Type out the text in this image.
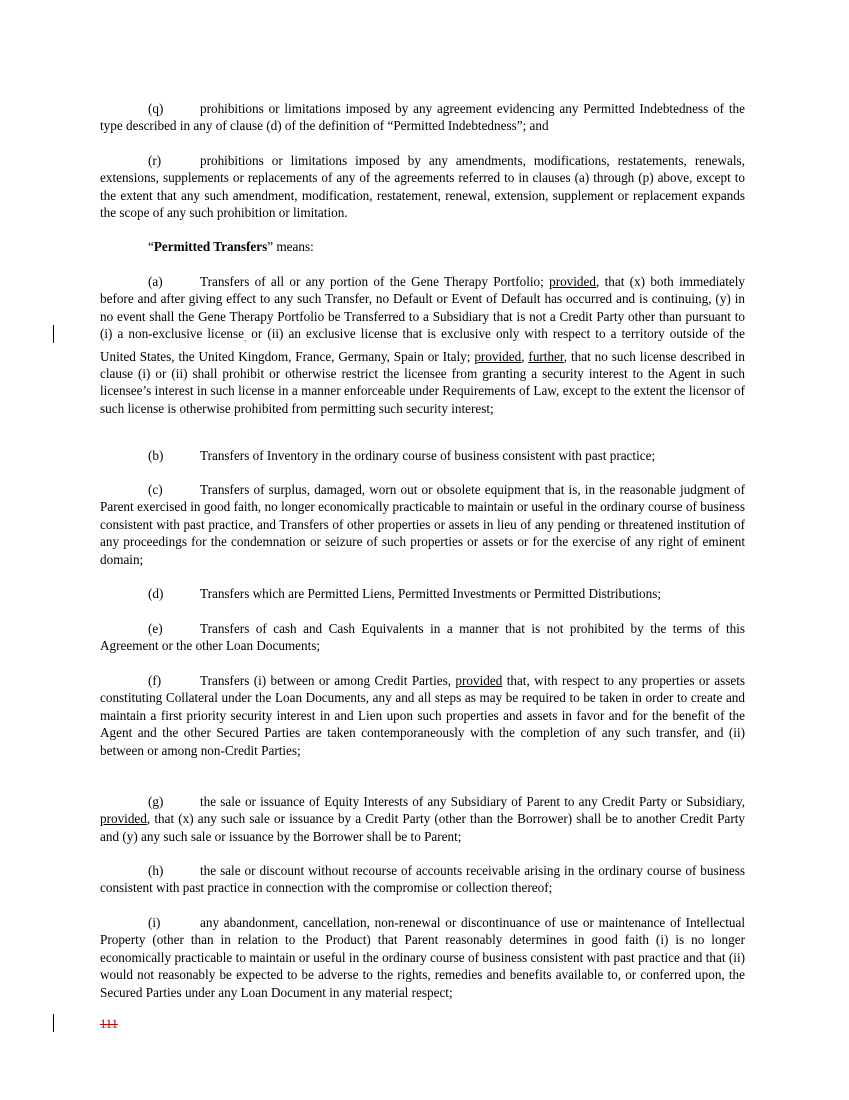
(q)	prohibitions or limitations imposed by any agreement evidencing any Permitted Indebtedness of the type described in any of clause (d) of the definition of “Permitted Indebtedness”; and

(r)	prohibitions or limitations imposed by any amendments, modifications, restatements, renewals, extensions, supplements or replacements of any of the agreements referred to in clauses (a) through (p) above, except to the extent that any such amendment, modification, restatement, renewal, extension, supplement or replacement expands the scope of any such prohibition or limitation.

“Permitted Transfers” means:

(a)	Transfers of all or any portion of the Gene Therapy Portfolio; provided, that (x) both immediately before and after giving effect to any such Transfer, no Default or Event of Default has occurred and is continuing, (y) in no event shall the Gene Therapy Portfolio be Transferred to a Subsidiary that is not a Credit Party other than pursuant to (i) a non-exclusive license$_,$ or (ii) an exclusive license that is exclusive only with respect to a territory outside of the United States, the United Kingdom, France, Germany, Spain or Italy; provided, further, that no such license described in clause (i) or (ii) shall prohibit or otherwise restrict the licensee from granting a security interest to the Agent in such licensee’s interest in such license in a manner enforceable under Requirements of Law, except to the extent the licensor of such license is otherwise prohibited from permitting such security interest;

(b)	Transfers of Inventory in the ordinary course of business consistent with past practice;

(c)	Transfers of surplus, damaged, worn out or obsolete equipment that is, in the reasonable judgment of Parent exercised in good faith, no longer economically practicable to maintain or useful in the ordinary course of business consistent with past practice, and Transfers of other properties or assets in lieu of any pending or threatened institution of any proceedings for the condemnation or seizure of such properties or assets or for the exercise of any right of eminent domain;

(d)	Transfers which are Permitted Liens, Permitted Investments or Permitted Distributions;

(e)	Transfers of cash and Cash Equivalents in a manner that is not prohibited by the terms of this Agreement or the other Loan Documents;

(f)	Transfers (i) between or among Credit Parties, provided that, with respect to any properties or assets constituting Collateral under the Loan Documents, any and all steps as may be required to be taken in order to create and maintain a first priority security interest in and Lien upon such properties and assets in favor and for the benefit of the Agent and the other Secured Parties are taken contemporaneously with the completion of any such transfer, and (ii) between or among non-Credit Parties;

(g)	the sale or issuance of Equity Interests of any Subsidiary of Parent to any Credit Party or Subsidiary, provided, that (x) any such sale or issuance by a Credit Party (other than the Borrower) shall be to another Credit Party and (y) any such sale or issuance by the Borrower shall be to Parent;

(h)	the sale or discount without recourse of accounts receivable arising in the ordinary course of business consistent with past practice in connection with the compromise or collection thereof;

(i)	any abandonment, cancellation, non-renewal or discontinuance of use or maintenance of Intellectual Property (other than in relation to the Product) that Parent reasonably determines in good faith (i) is no longer economically practicable to maintain or useful in the ordinary course of business consistent with past practice and that (ii) would not reasonably be expected to be adverse to the rights, remedies and benefits available to, or conferred upon, the Secured Parties under any Loan Document in any material respect;

111
